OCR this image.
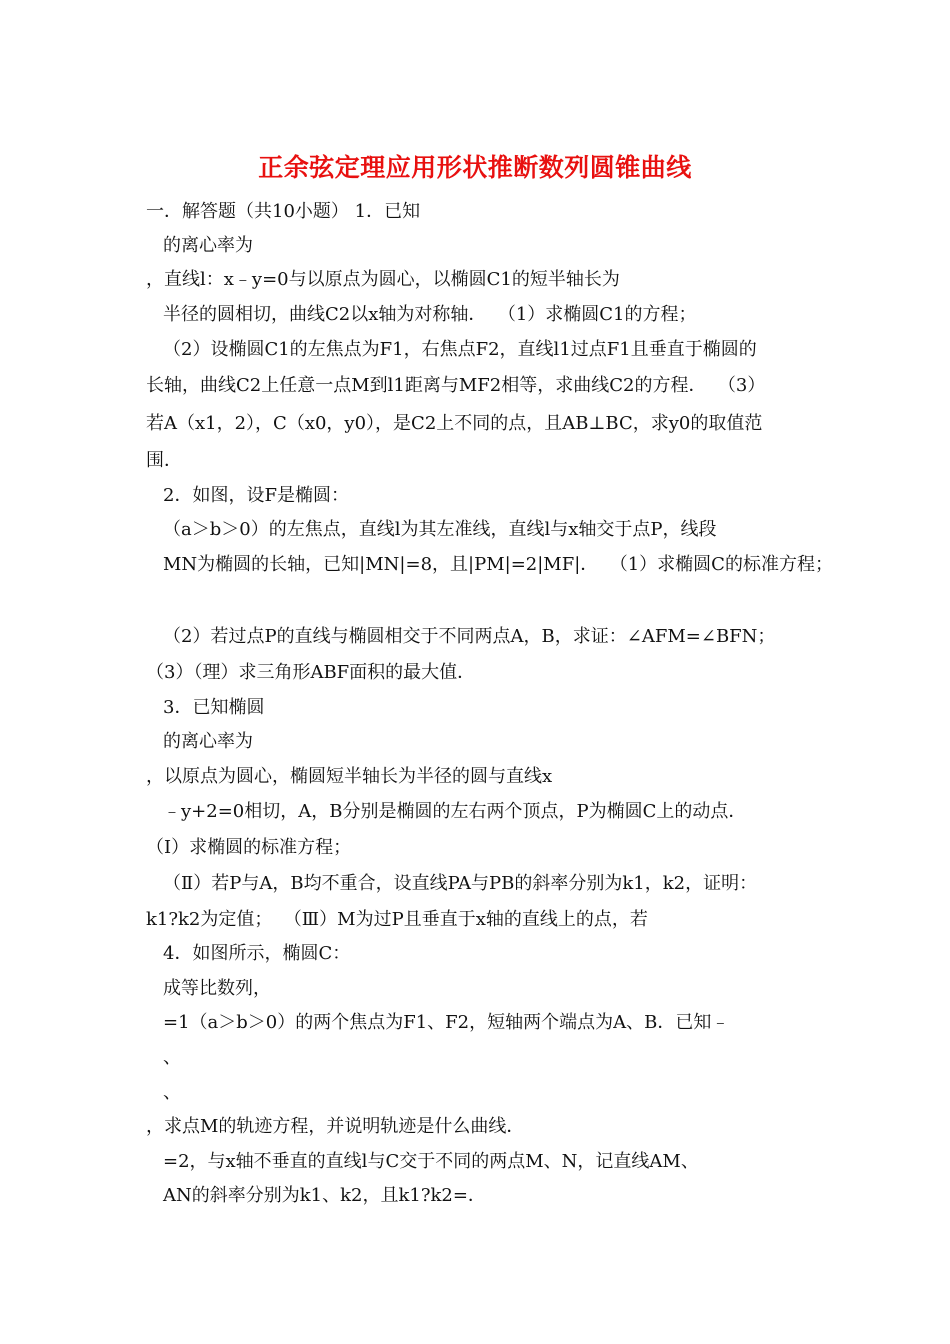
正余弦定理应用形状推断数列圆锥曲线
一．解答题（共10小题） 1．已知
的离心率为
，直线l：x﹣y=0与以原点为圆心，以椭圆C1的短半轴长为
半径的圆相切，曲线C2以x轴为对称轴．  （1）求椭圆C1的方程；
（2）设椭圆C1的左焦点为F1，右焦点F2，直线l1过点F1且垂直于椭圆的
长轴，曲线C2上任意一点M到l1距离与MF2相等，求曲线C2的方程．  （3）
若A（x1，2），C（x0，y0），是C2上不同的点，且AB⊥BC，求y0的取值范
围．
2．如图，设F是椭圆：
（a＞b＞0）的左焦点，直线l为其左准线，直线l与x轴交于点P，线段
MN为椭圆的长轴，已知|MN|=8，且|PM|=2|MF|．  （1）求椭圆C的标准方程；
（2）若过点P的直线与椭圆相交于不同两点A，B，求证：∠AFM=∠BFN；
（3）（理）求三角形ABF面积的最大值．
3．已知椭圆
的离心率为
，以原点为圆心，椭圆短半轴长为半径的圆与直线x
﹣y+2=0相切，A，B分别是椭圆的左右两个顶点，P为椭圆C上的动点．
（Ⅰ）求椭圆的标准方程；
（Ⅱ）若P与A，B均不重合，设直线PA与PB的斜率分别为k1，k2，证明：
k1?k2为定值；  （Ⅲ）M为过P且垂直于x轴的直线上的点，若
4．如图所示，椭圆C：
成等比数列，
=1（a＞b＞0）的两个焦点为F1、F2，短轴两个端点为A、B．已知﹣
、
、
，求点M的轨迹方程，并说明轨迹是什么曲线．
=2，与x轴不垂直的直线l与C交于不同的两点M、N，记直线AM、
AN的斜率分别为k1、k2，且k1?k2=．
